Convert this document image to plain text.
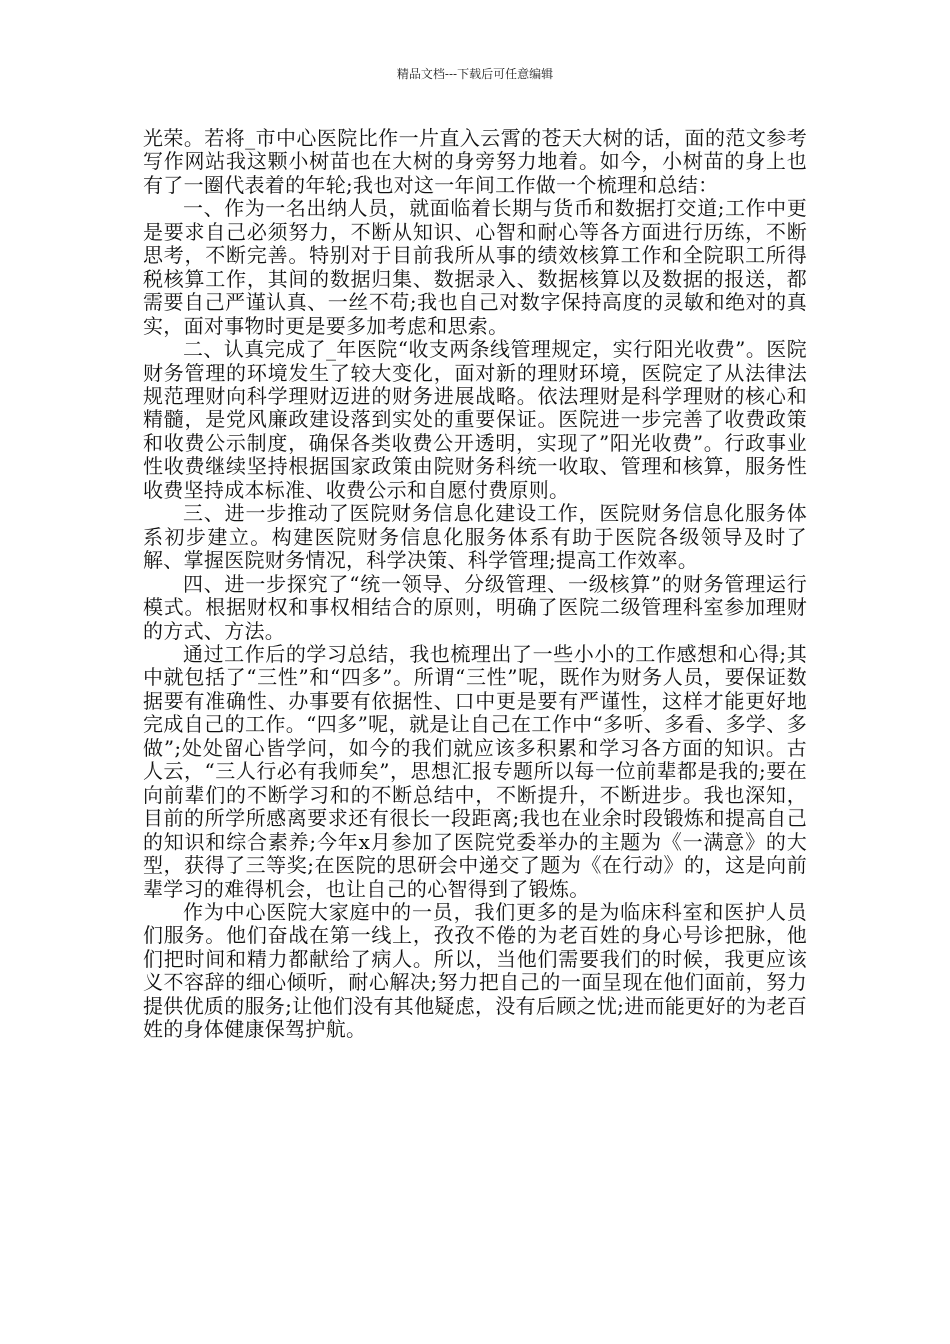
精品文档---下载后可任意编辑

光荣。若将_市中心医院比作一片直入云霄的苍天大树的话，面的范文参考写作网站我这颗小树苗也在大树的身旁努力地着。如今，小树苗的身上也有了一圈代表着的年轮;我也对这一年间工作做一个梳理和总结：

一、作为一名出纳人员，就面临着长期与货币和数据打交道;工作中更是要求自己必须努力，不断从知识、心智和耐心等各方面进行历练，不断思考，不断完善。特别对于目前我所从事的绩效核算工作和全院职工所得税核算工作，其间的数据归集、数据录入、数据核算以及数据的报送，都需要自己严谨认真、一丝不苟;我也自己对数字保持高度的灵敏和绝对的真实，面对事物时更是要多加考虑和思索。

二、认真完成了_年医院“收支两条线管理规定，实行阳光收费”。医院财务管理的环境发生了较大变化，面对新的理财环境，医院定了从法律法规范理财向科学理财迈进的财务进展战略。依法理财是科学理财的核心和精髓，是党风廉政建设落到实处的重要保证。医院进一步完善了收费政策和收费公示制度，确保各类收费公开透明，实现了”阳光收费”。行政事业性收费继续坚持根据国家政策由院财务科统一收取、管理和核算，服务性收费坚持成本标准、收费公示和自愿付费原则。

三、进一步推动了医院财务信息化建设工作，医院财务信息化服务体系初步建立。构建医院财务信息化服务体系有助于医院各级领导及时了解、掌握医院财务情况，科学决策、科学管理;提高工作效率。

四、进一步探究了“统一领导、分级管理、一级核算”的财务管理运行模式。根据财权和事权相结合的原则，明确了医院二级管理科室参加理财的方式、方法。

通过工作后的学习总结，我也梳理出了一些小小的工作感想和心得;其中就包括了“三性”和“四多”。所谓“三性”呢，既作为财务人员，要保证数据要有准确性、办事要有依据性、口中更是要有严谨性，这样才能更好地完成自己的工作。“四多”呢，就是让自己在工作中“多听、多看、多学、多做”;处处留心皆学问，如今的我们就应该多积累和学习各方面的知识。古人云，“三人行必有我师矣”，思想汇报专题所以每一位前辈都是我的;要在向前辈们的不断学习和的不断总结中，不断提升，不断进步。我也深知，目前的所学所感离要求还有很长一段距离;我也在业余时段锻炼和提高自己的知识和综合素养;今年x月参加了医院党委举办的主题为《一满意》的大型，获得了三等奖;在医院的思研会中递交了题为《在行动》的，这是向前辈学习的难得机会，也让自己的心智得到了锻炼。

作为中心医院大家庭中的一员，我们更多的是为临床科室和医护人员们服务。他们奋战在第一线上，孜孜不倦的为老百姓的身心号诊把脉，他们把时间和精力都献给了病人。所以，当他们需要我们的时候，我更应该义不容辞的细心倾听，耐心解决;努力把自己的一面呈现在他们面前，努力提供优质的服务;让他们没有其他疑虑，没有后顾之忧;进而能更好的为老百姓的身体健康保驾护航。
